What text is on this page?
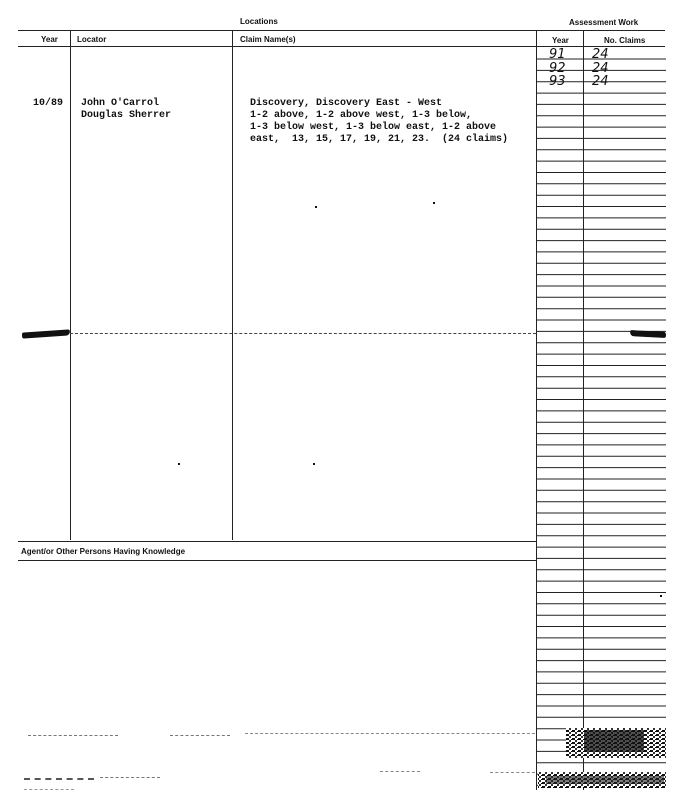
Locations	Assessment Work
Year Locator	Claim Name(s)	Year	No. Claims
Agent/or Other Persons Having Knowledge
91 24
92 24
93 24
10/89 John O'Carrol
Douglas Sherrer
Discovery, Discovery East - West
1-2 above, 1-2 above west, 1-3 below,
1-3 below west, 1-3 below east, 1-2 above
east,  13, 15, 17, 19, 21, 23.  (24 claims)
